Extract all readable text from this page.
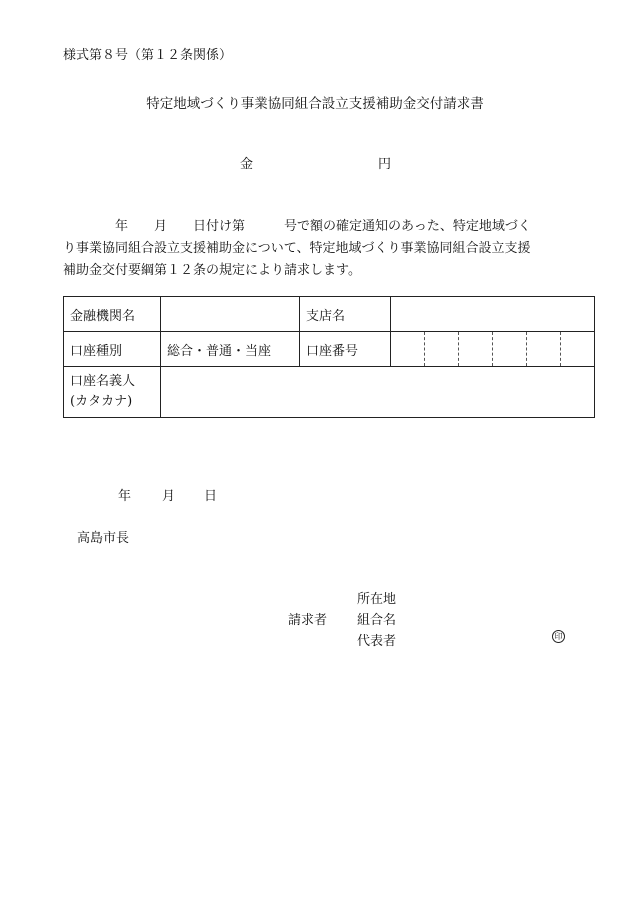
様式第８号（第１２条関係）
特定地域づくり事業協同組合設立支援補助金交付請求書
金	円
　　　　年　　月　　日付け第　　　号で額の確定通知のあった、特定地域づく
り事業協同組合設立支援補助金について、特定地域づくり事業協同組合設立支援
補助金交付要綱第１２条の規定により請求します。
金融機関名		支店名	
口座種別	総合・普通・当座	口座番号	

口座名義人
(カタカナ)			

年 月 日
高島市長
請求者
所在地
組合名
代表者	印
